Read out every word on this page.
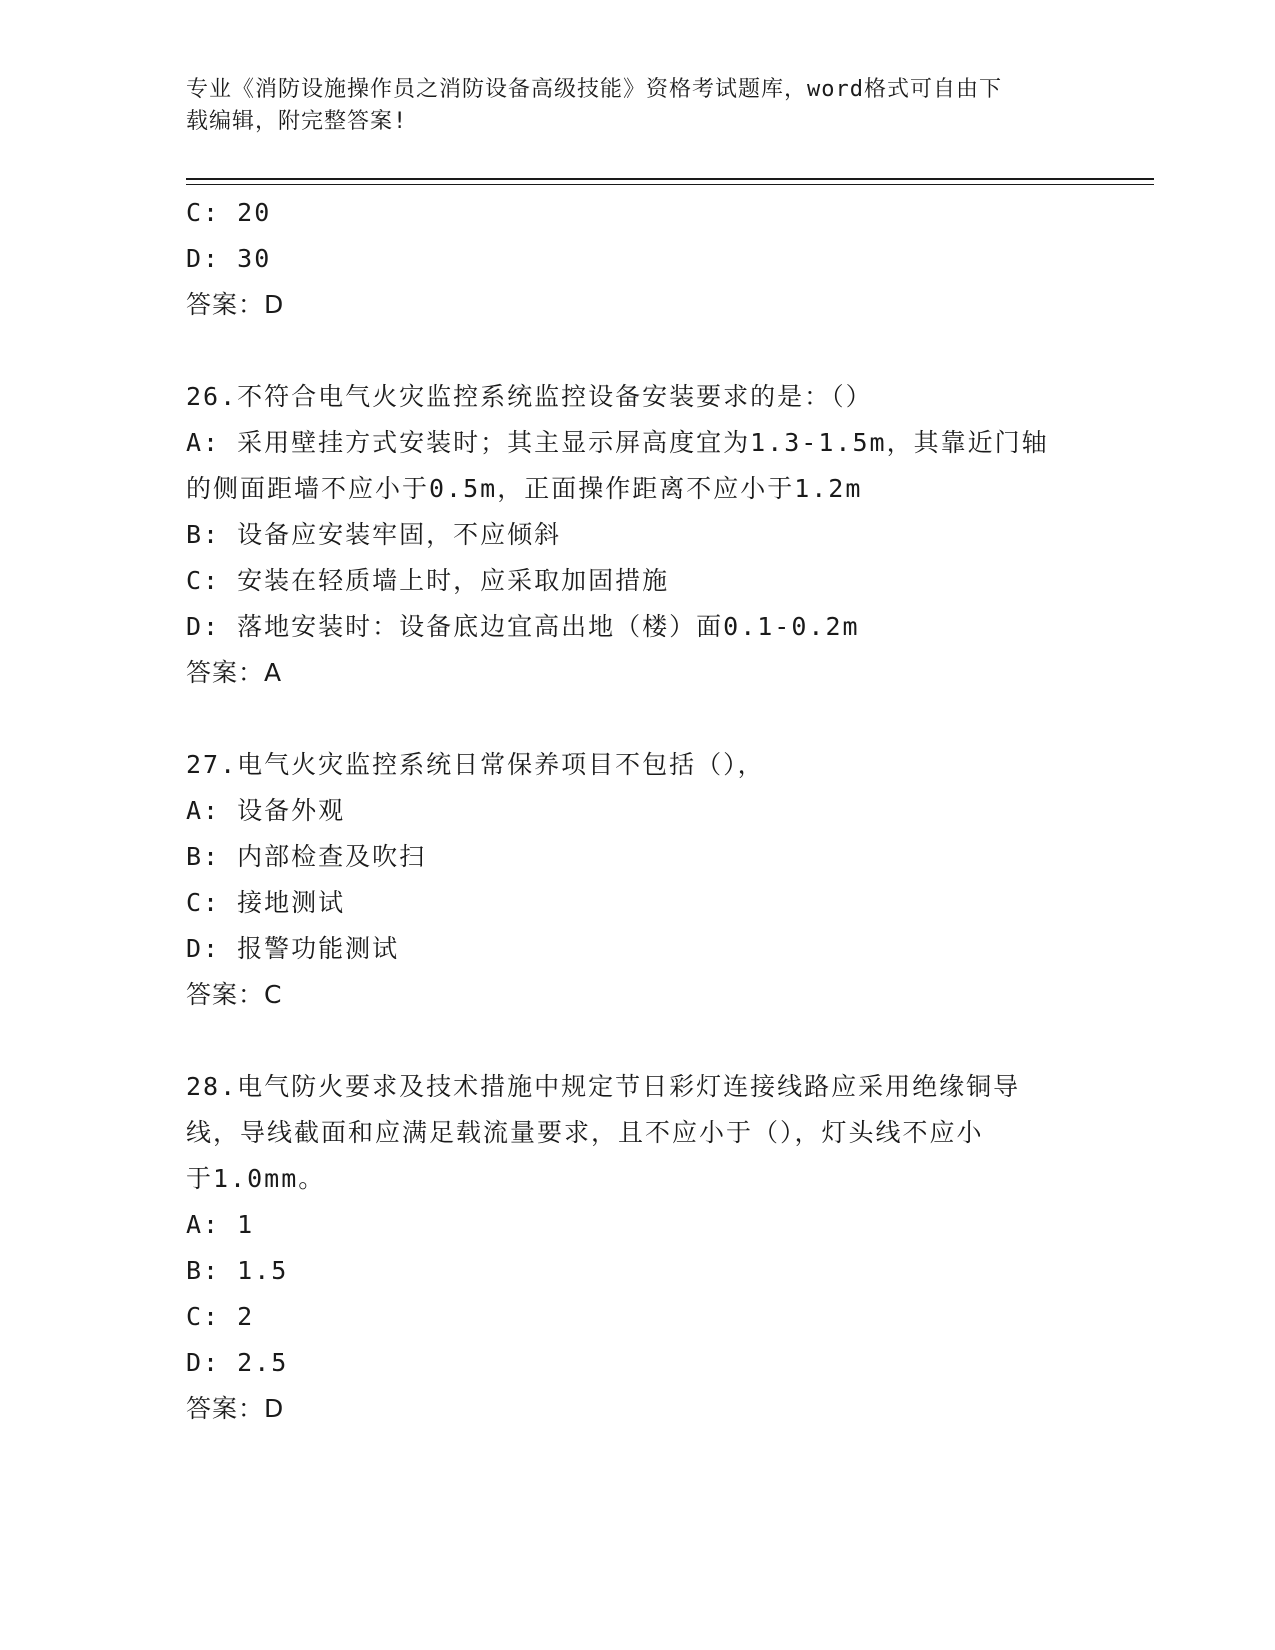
专业《消防设施操作员之消防设备高级技能》资格考试题库，word格式可自由下
载编辑，附完整答案!

C: 20

D: 30

答案：D

26.不符合电气火灾监控系统监控设备安装要求的是：（）

A: 采用壁挂方式安装时；其主显示屏高度宜为1.3-1.5m，其靠近门轴

的侧面距墙不应小于0.5m，正面操作距离不应小于1.2m

B: 设备应安装牢固，不应倾斜

C: 安装在轻质墙上时，应采取加固措施

D: 落地安装时：设备底边宜高出地（楼）面0.1-0.2m

答案：A

27.电气火灾监控系统日常保养项目不包括（），

A: 设备外观

B: 内部检查及吹扫

C: 接地测试

D: 报警功能测试

答案：C

28.电气防火要求及技术措施中规定节日彩灯连接线路应采用绝缘铜导

线，导线截面和应满足载流量要求，且不应小于（），灯头线不应小

于1.0mm。

A: 1

B: 1.5

C: 2

D: 2.5

答案：D
